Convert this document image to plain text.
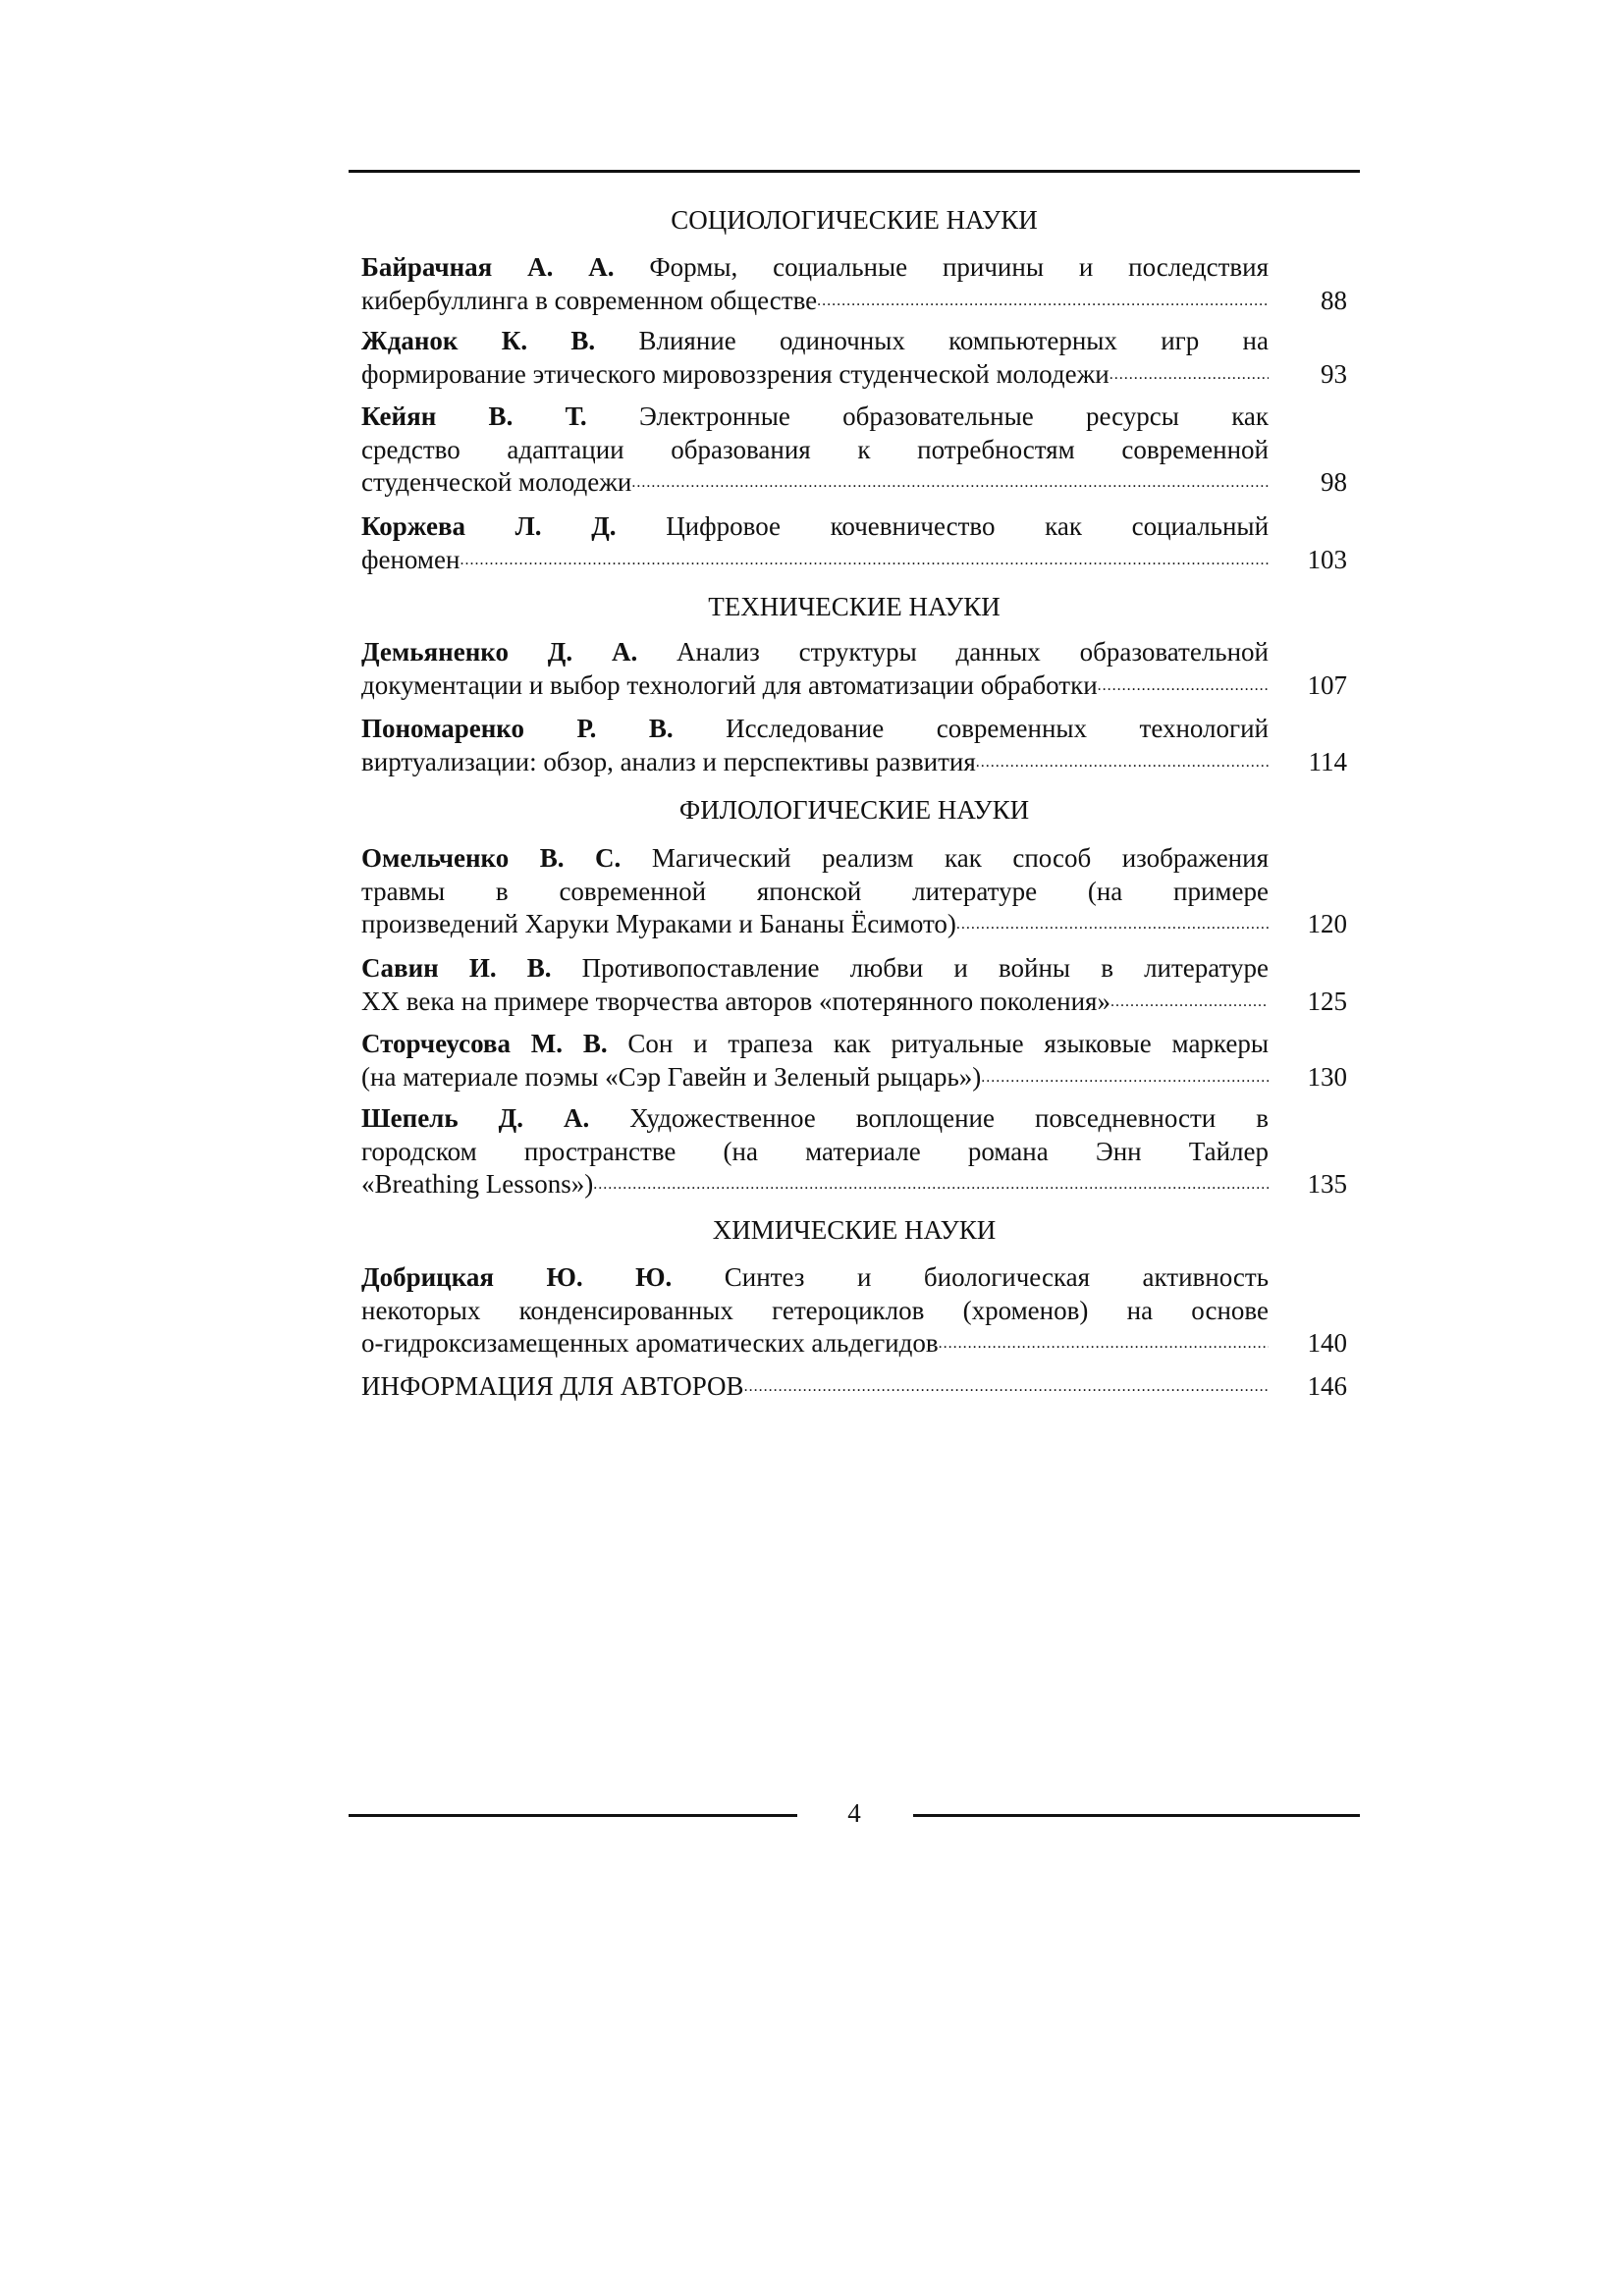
СОЦИОЛОГИЧЕСКИЕ НАУКИ
Байрачная А. А. Формы, социальные причины и последствия
кибербуллинга в современном обществе .....	88
Жданок К. В. Влияние одиночных компьютерных игр на
формирование этического мировоззрения студенческой молодежи .....	93
Кейян В. Т. Электронные образовательные ресурсы как
средство адаптации образования к потребностям современной
студенческой молодежи .....	98
Коржева Л. Д. Цифровое кочевничество как социальный
феномен .....	103
ТЕХНИЧЕСКИЕ НАУКИ
Демьяненко Д. А. Анализ структуры данных образовательной
документации и выбор технологий для автоматизации обработки .....	107
Пономаренко Р. В. Исследование современных технологий
виртуализации: обзор, анализ и перспективы развития .....	114
ФИЛОЛОГИЧЕСКИЕ НАУКИ
Омельченко В. С. Магический реализм как способ изображения
травмы в современной японской литературе (на примере
произведений Харуки Мураками и Бананы Ёсимото) .....	120
Савин И. В. Противопоставление любви и войны в литературе
XX века на примере творчества авторов «потерянного поколения» .....	125
Сторчеусова М. В. Сон и трапеза как ритуальные языковые маркеры
(на материале поэмы «Сэр Гавейн и Зеленый рыцарь») .....	130
Шепель Д. А. Художественное воплощение повседневности в
городском пространстве (на материале романа Энн Тайлер
«Breathing Lessons») .....	135
ХИМИЧЕСКИЕ НАУКИ
Добрицкая Ю. Ю. Синтез и биологическая активность
некоторых конденсированных гетероциклов (хроменов) на основе
о-гидроксизамещенных ароматических альдегидов .....	140
ИНФОРМАЦИЯ ДЛЯ АВТОРОВ .....	146
4
